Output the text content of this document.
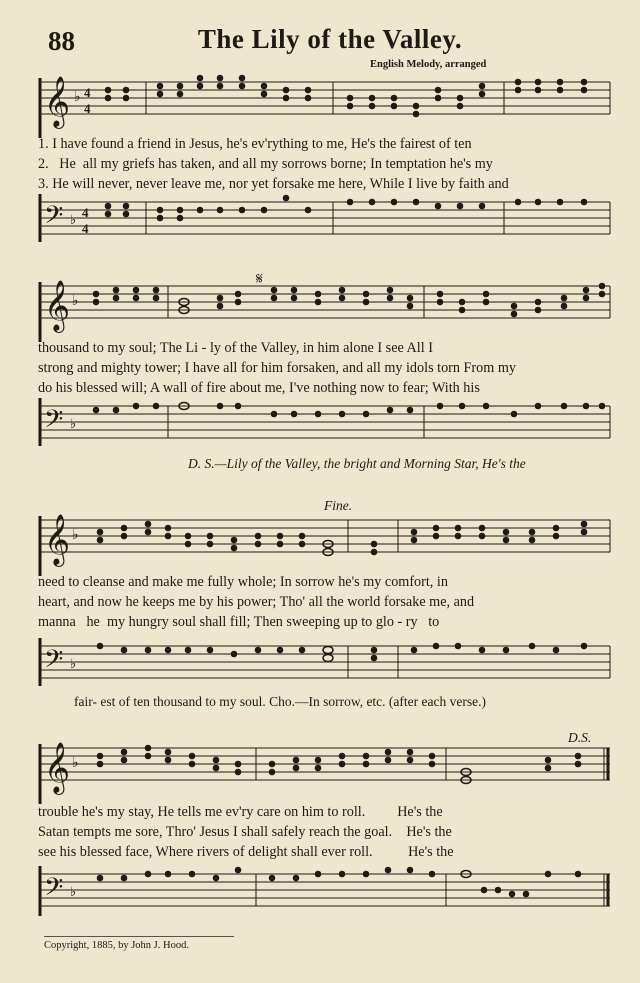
88	The Lily of the Valley.
English Melody, arranged
𝄞 ♭ 4
4
1. I have found a friend in Jesus, he's ev'rything to me, He's the fairest of ten
2.   He  all my griefs has taken, and all my sorrows borne; In temptation he's my
3. He will never, never leave me, nor yet forsake me here, While I live by faith and
𝄢 ♭
4
4
𝄞 ♭
𝄋
thousand to my soul; The Li - ly of the Valley, in him alone I see All I
strong and mighty tower; I have all for him forsaken, and all my idols torn From my
do his blessed will; A wall of fire about me, I've nothing now to fear; With his
𝄢 ♭
D. S.—Lily of the Valley, the bright and Morning Star, He's the
Fine.
𝄞 ♭
need to cleanse and make me fully whole; In sorrow he's my comfort, in
heart, and now he keeps me by his power; Tho' all the world forsake me, and
manna   he  my hungry soul shall fill; Then sweeping up to glo - ry   to
𝄢 ♭
fair- est of ten thousand to my soul. Cho.—In sorrow, etc. (after each verse.)
D.S.
𝄞 ♭
trouble he's my stay, He tells me ev'ry care on him to roll.         He's the
Satan tempts me sore, Thro' Jesus I shall safely reach the goal.    He's the
see his blessed face, Where rivers of delight shall ever roll.          He's the
𝄢 ♭
Copyright, 1885, by John J. Hood.
